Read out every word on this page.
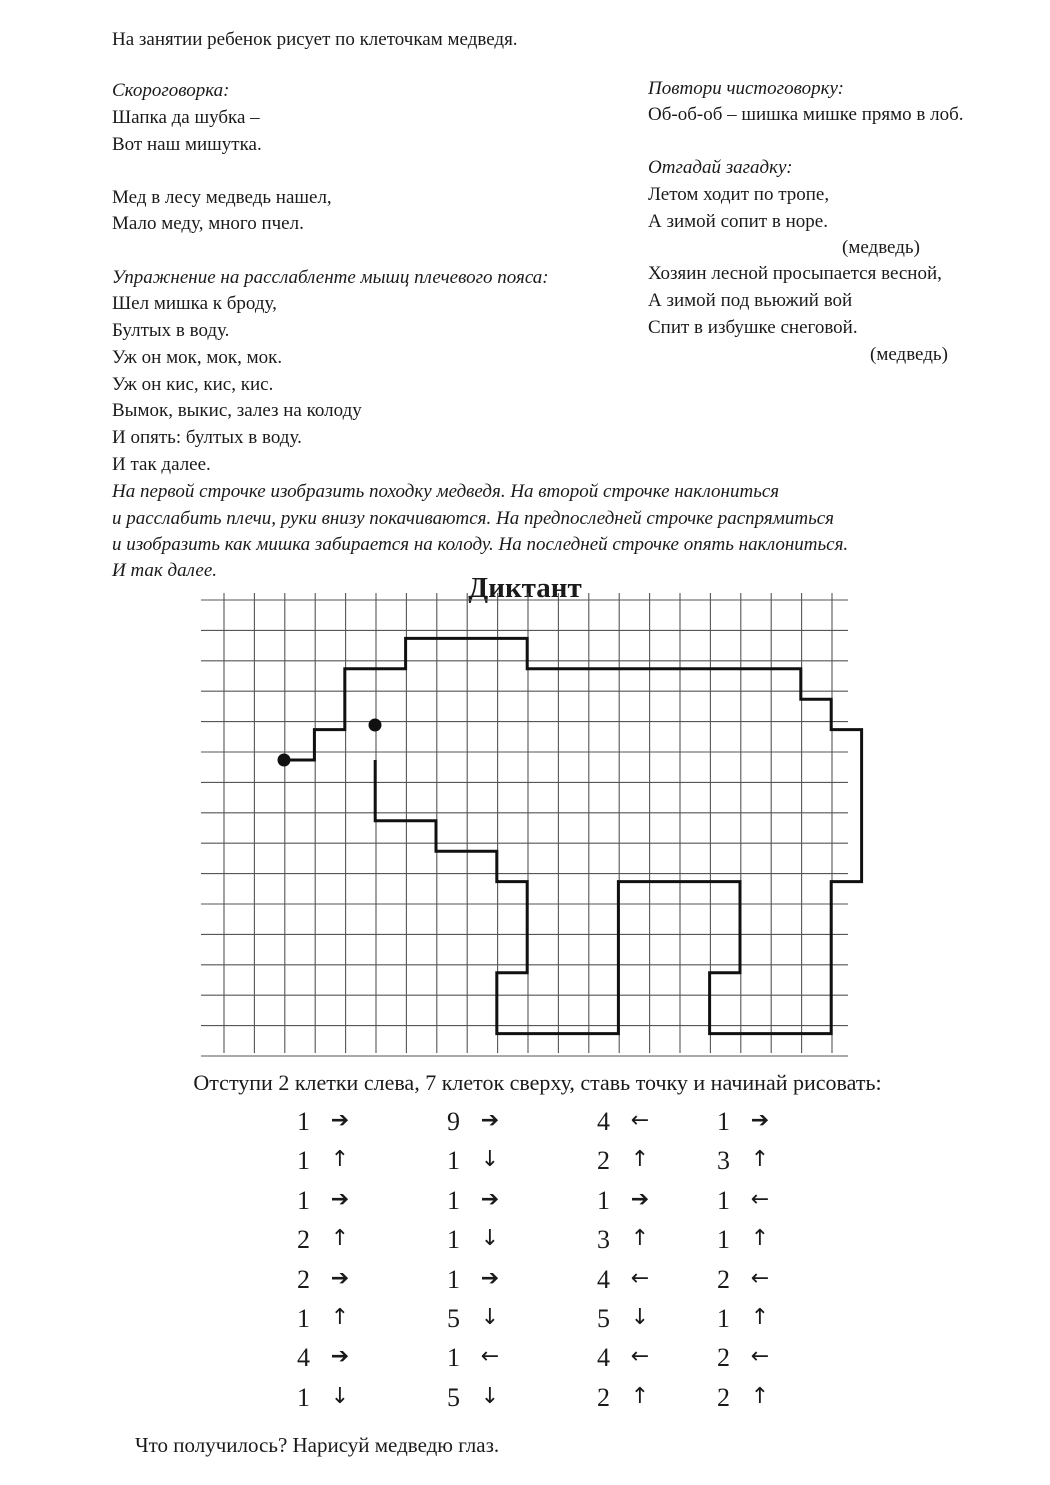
На занятии ребенок рисует по клеточкам медведя.
Скороговорка:
Шапка да шубка –
Вот наш мишутка.
Мед в лесу медведь нашел,
Мало меду, много пчел.
Упражнение на расслабленте мышц плечевого пояса:
Шел мишка к броду,
Бултых в воду.
Уж он мок, мок, мок.
Уж он кис, кис, кис.
Вымок, выкис, залез на колоду
И опять: бултых в воду.
И так далее.
Повтори чистоговорку:
Об-об-об – шишка мишке прямо в лоб.
Отгадай загадку:
Летом ходит по тропе,
А зимой сопит в норе.
(медведь)
Хозяин лесной просыпается весной,
А зимой под вьюжий вой
Спит в избушке снеговой.
(медведь)
На первой строчке изобразить походку медведя. На второй строчке наклониться
и расслабить плечи, руки внизу покачиваются. На предпоследней строчке распрямиться
и изобразить как мишка забирается на колоду. На последней строчке опять наклониться.
И так далее.
Диктант
Отступи 2 клетки слева, 7 клеток сверху, ставь точку и начинай рисовать:
1 ➔
1 ↑
1 ➔
2 ↑
2 ➔
1 ↑
4 ➔
1 ↓
9 ➔
1 ↓
1 ➔
1 ↓
1 ➔
5 ↓
1 ←
5 ↓
4 ←
2 ↑
1 ➔
3 ↑
4 ←
5 ↓
4 ←
2 ↑
1 ➔
3 ↑
1 ←
1 ↑
2 ←
1 ↑
2 ←
2 ↑
Что получилось? Нарисуй медведю глаз.
